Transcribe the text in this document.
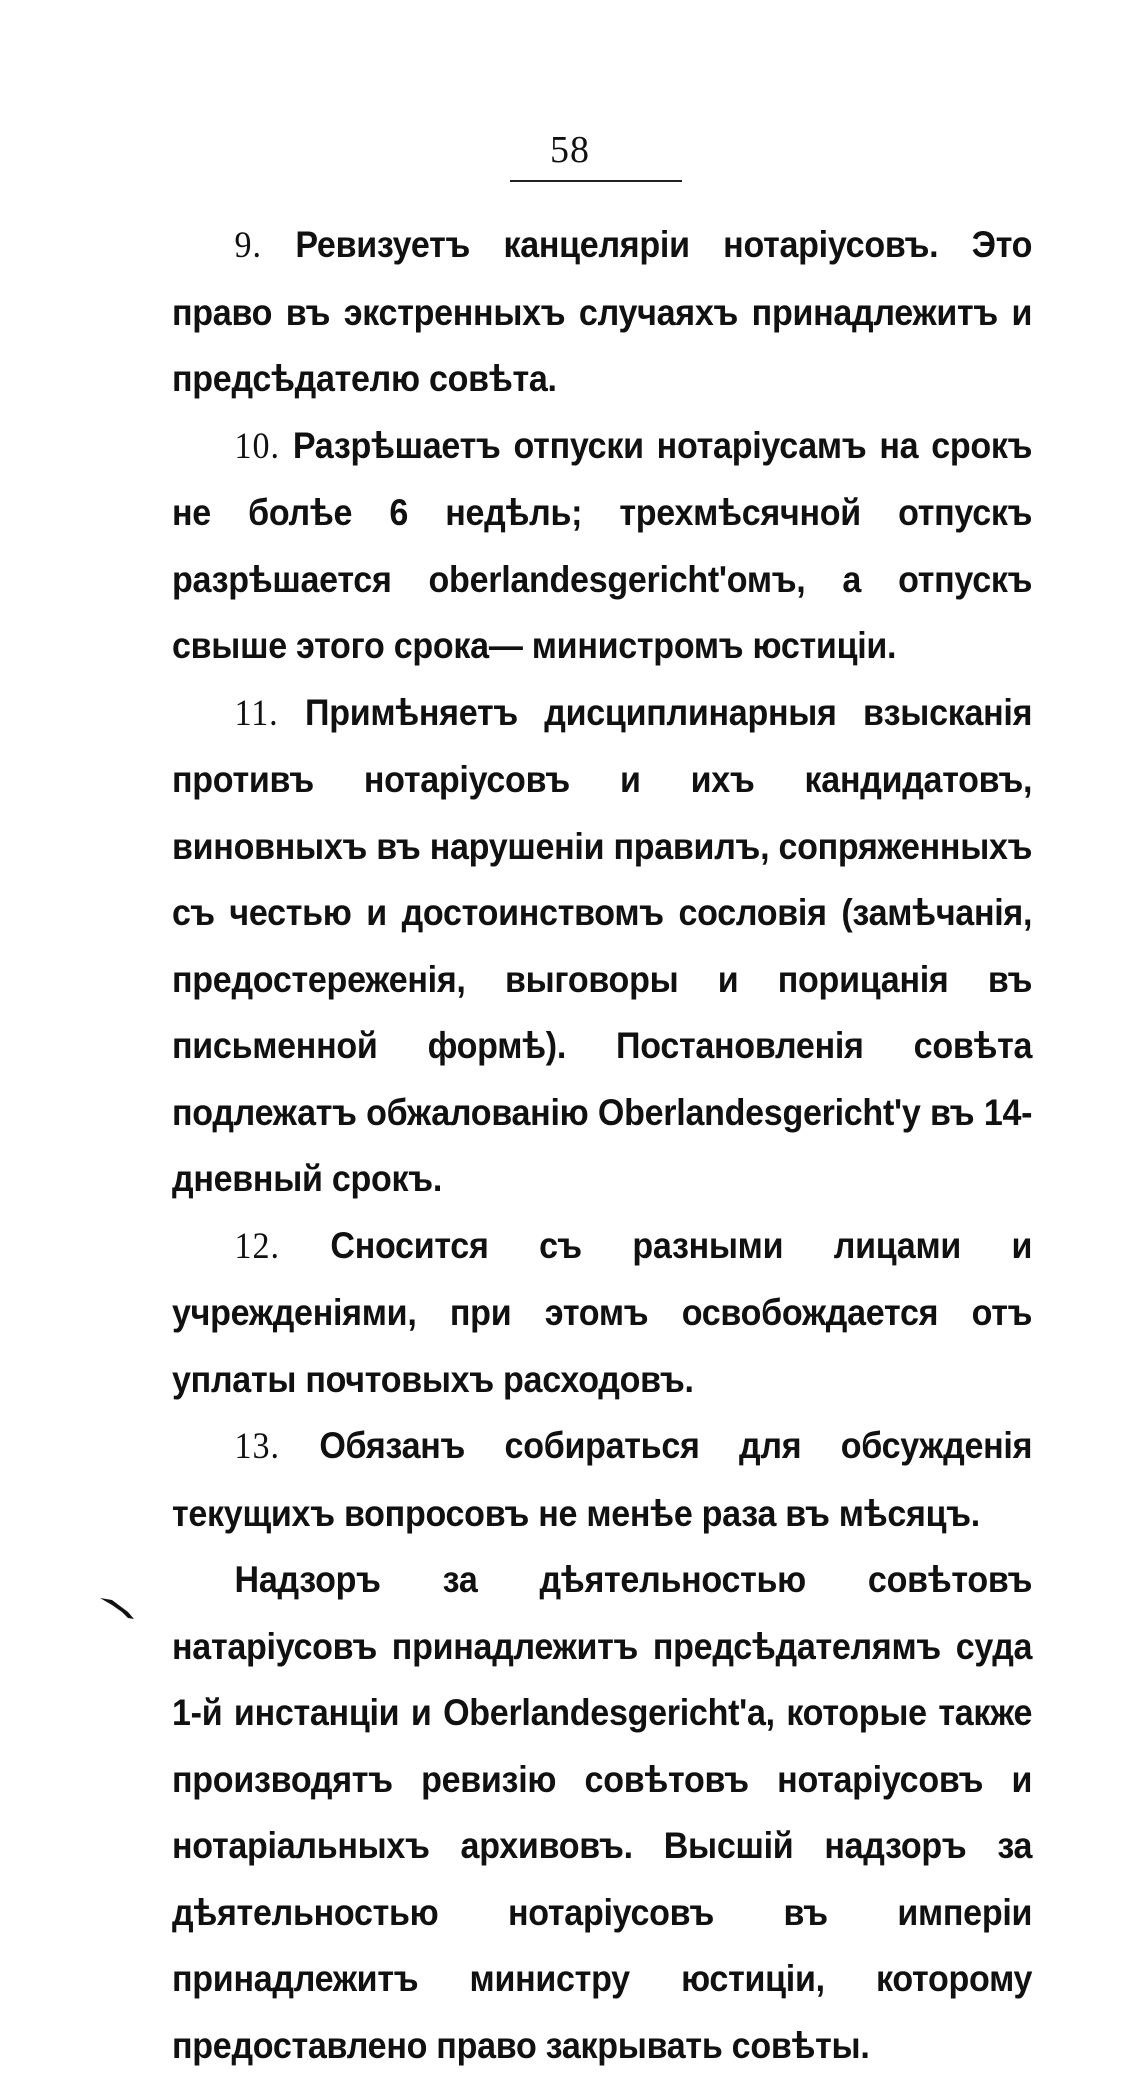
58

9. Ревизуетъ канцеляріи нотаріусовъ. Это право въ экстренныхъ случаяхъ принадлежитъ и предсѣдателю совѣта.

10. Разрѣшаетъ отпуски нотаріусамъ на срокъ не болѣе 6 недѣль; трехмѣсячной отпускъ разрѣшается oberlandesgericht'омъ, а отпускъ свыше этого срока— министромъ юстиціи.

11. Примѣняетъ дисциплинарныя взысканія противъ нотаріусовъ и ихъ кандидатовъ, виновныхъ въ нарушеніи правилъ, сопряженныхъ съ честью и достоинствомъ сословія (замѣчанія, предостереженія, выговоры и порицанія въ письменной формѣ). Постановленія совѣта подлежатъ обжалованію Oberlandesgericht'у въ 14-дневный срокъ.

12. Сносится съ разными лицами и учрежденіями, при этомъ освобождается отъ уплаты почтовыхъ расходовъ.

13. Обязанъ собираться для обсужденія текущихъ вопросовъ не менѣе раза въ мѣсяцъ.

Надзоръ за дѣятельностью совѣтовъ натаріусовъ принадлежитъ предсѣдателямъ суда 1-й инстанціи и Oberlandesgericht'a, которые также производятъ ревизію совѣтовъ нотаріусовъ и нотаріальныхъ архивовъ. Высшій надзоръ за дѣятельностью нотаріусовъ въ имперіи принадлежитъ министру юстиціи, которому предоставлено право закрывать совѣты.
